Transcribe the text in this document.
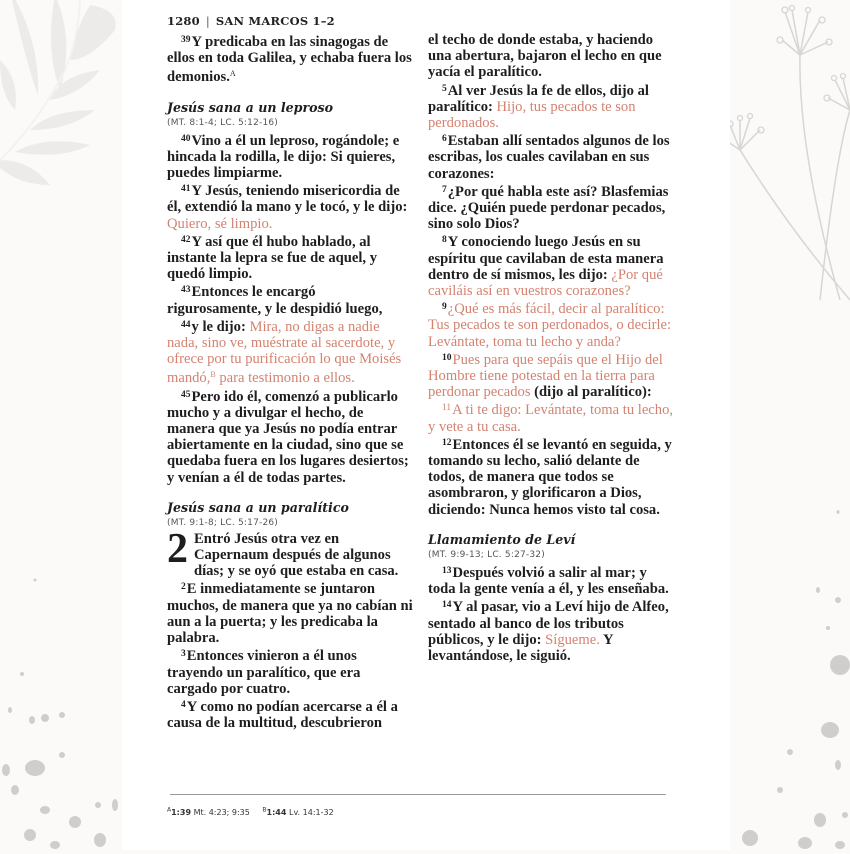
1280 | SAN MARCOS 1–2

$^{39}$Y predicaba en las sinagogas de ellos en toda Galilea, y echaba fuera los demonios.$^A$

Jesús sana a un leproso
(MT. 8:1-4; LC. 5:12-16)

$^{40}$Vino a él un leproso, rogándole; e hincada la rodilla, le dijo: Si quieres, puedes limpiarme.

$^{41}$Y Jesús, teniendo misericordia de él, extendió la mano y le tocó, y le dijo: Quiero, sé limpio.

$^{42}$Y así que él hubo hablado, al instante la lepra se fue de aquel, y quedó limpio.

$^{43}$Entonces le encargó rigurosamente, y le despidió luego,

$^{44}$y le dijo: Mira, no digas a nadie nada, sino ve, muéstrate al sacerdote, y ofrece por tu purificación lo que Moisés mandó,$^B$ para testimonio a ellos.

$^{45}$Pero ido él, comenzó a publicarlo mucho y a divulgar el hecho, de manera que ya Jesús no podía entrar abiertamente en la ciudad, sino que se quedaba fuera en los lugares desiertos; y venían a él de todas partes.

Jesús sana a un paralítico
(MT. 9:1-8; LC. 5:17-26)
2 Entró Jesús otra vez en Capernaum después de algunos días; y se oyó que estaba en casa.

$^2$E inmediatamente se juntaron muchos, de manera que ya no cabían ni aun a la puerta; y les predicaba la palabra.

$^3$Entonces vinieron a él unos trayendo un paralítico, que era cargado por cuatro.

$^4$Y como no podían acercarse a él a causa de la multitud, descubrieron

el techo de donde estaba, y haciendo una abertura, bajaron el lecho en que yacía el paralítico.

$^5$Al ver Jesús la fe de ellos, dijo al paralítico: Hijo, tus pecados te son perdonados.

$^6$Estaban allí sentados algunos de los escribas, los cuales cavilaban en sus corazones:

$^7$¿Por qué habla este así? Blasfemias dice. ¿Quién puede perdonar pecados, sino solo Dios?

$^8$Y conociendo luego Jesús en su espíritu que cavilaban de esta manera dentro de sí mismos, les dijo: ¿Por qué caviláis así en vuestros corazones?

$^9$¿Qué es más fácil, decir al paralítico: Tus pecados te son perdonados, o decirle: Levántate, toma tu lecho y anda?

$^{10}$Pues para que sepáis que el Hijo del Hombre tiene potestad en la tierra para perdonar pecados (dijo al paralítico):

$^{11}$A ti te digo: Levántate, toma tu lecho, y vete a tu casa.

$^{12}$Entonces él se levantó en seguida, y tomando su lecho, salió delante de todos, de manera que todos se asombraron, y glorificaron a Dios, diciendo: Nunca hemos visto tal cosa.

Llamamiento de Leví
(MT. 9:9-13; LC. 5:27-32)

$^{13}$Después volvió a salir al mar; y toda la gente venía a él, y les enseñaba.

$^{14}$Y al pasar, vio a Leví hijo de Alfeo, sentado al banco de los tributos públicos, y le dijo: Sígueme. Y levantándose, le siguió.

$^A$1:39 Mt. 4:23; 9:35 $^B$1:44 Lv. 14:1-32
